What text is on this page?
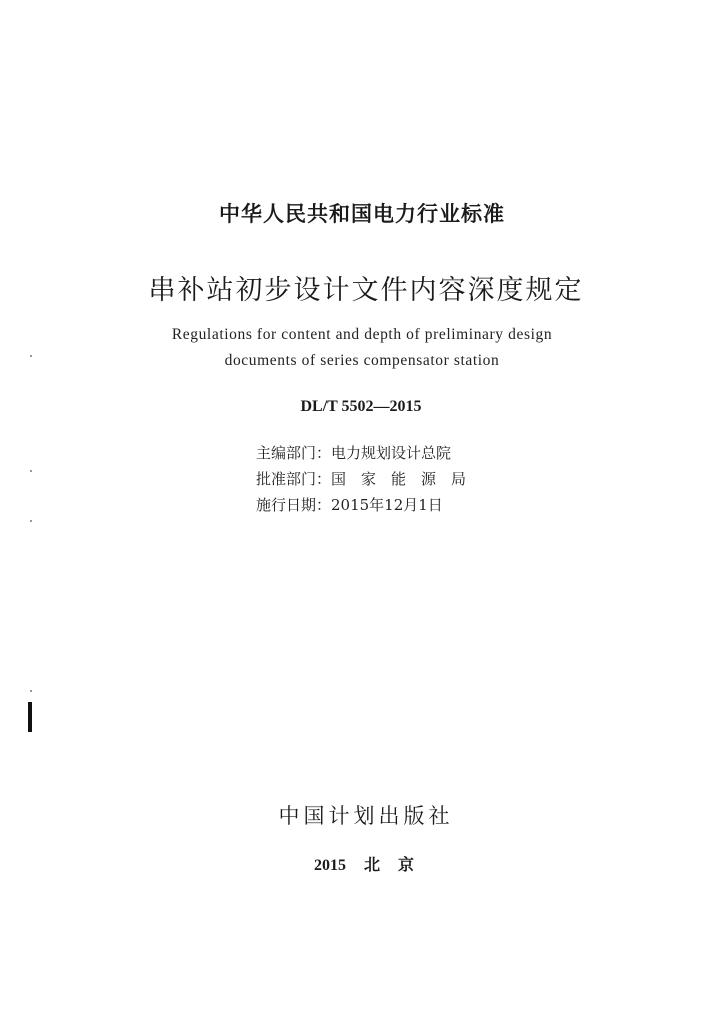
中华人民共和国电力行业标准
串补站初步设计文件内容深度规定
Regulations for content and depth of preliminary design
documents of series compensator station
DL/T 5502—2015
主编部门：电力规划设计总院
批准部门：国　家　能　源　局
施行日期：2015年12月1日
中国计划出版社
2015 北 京
